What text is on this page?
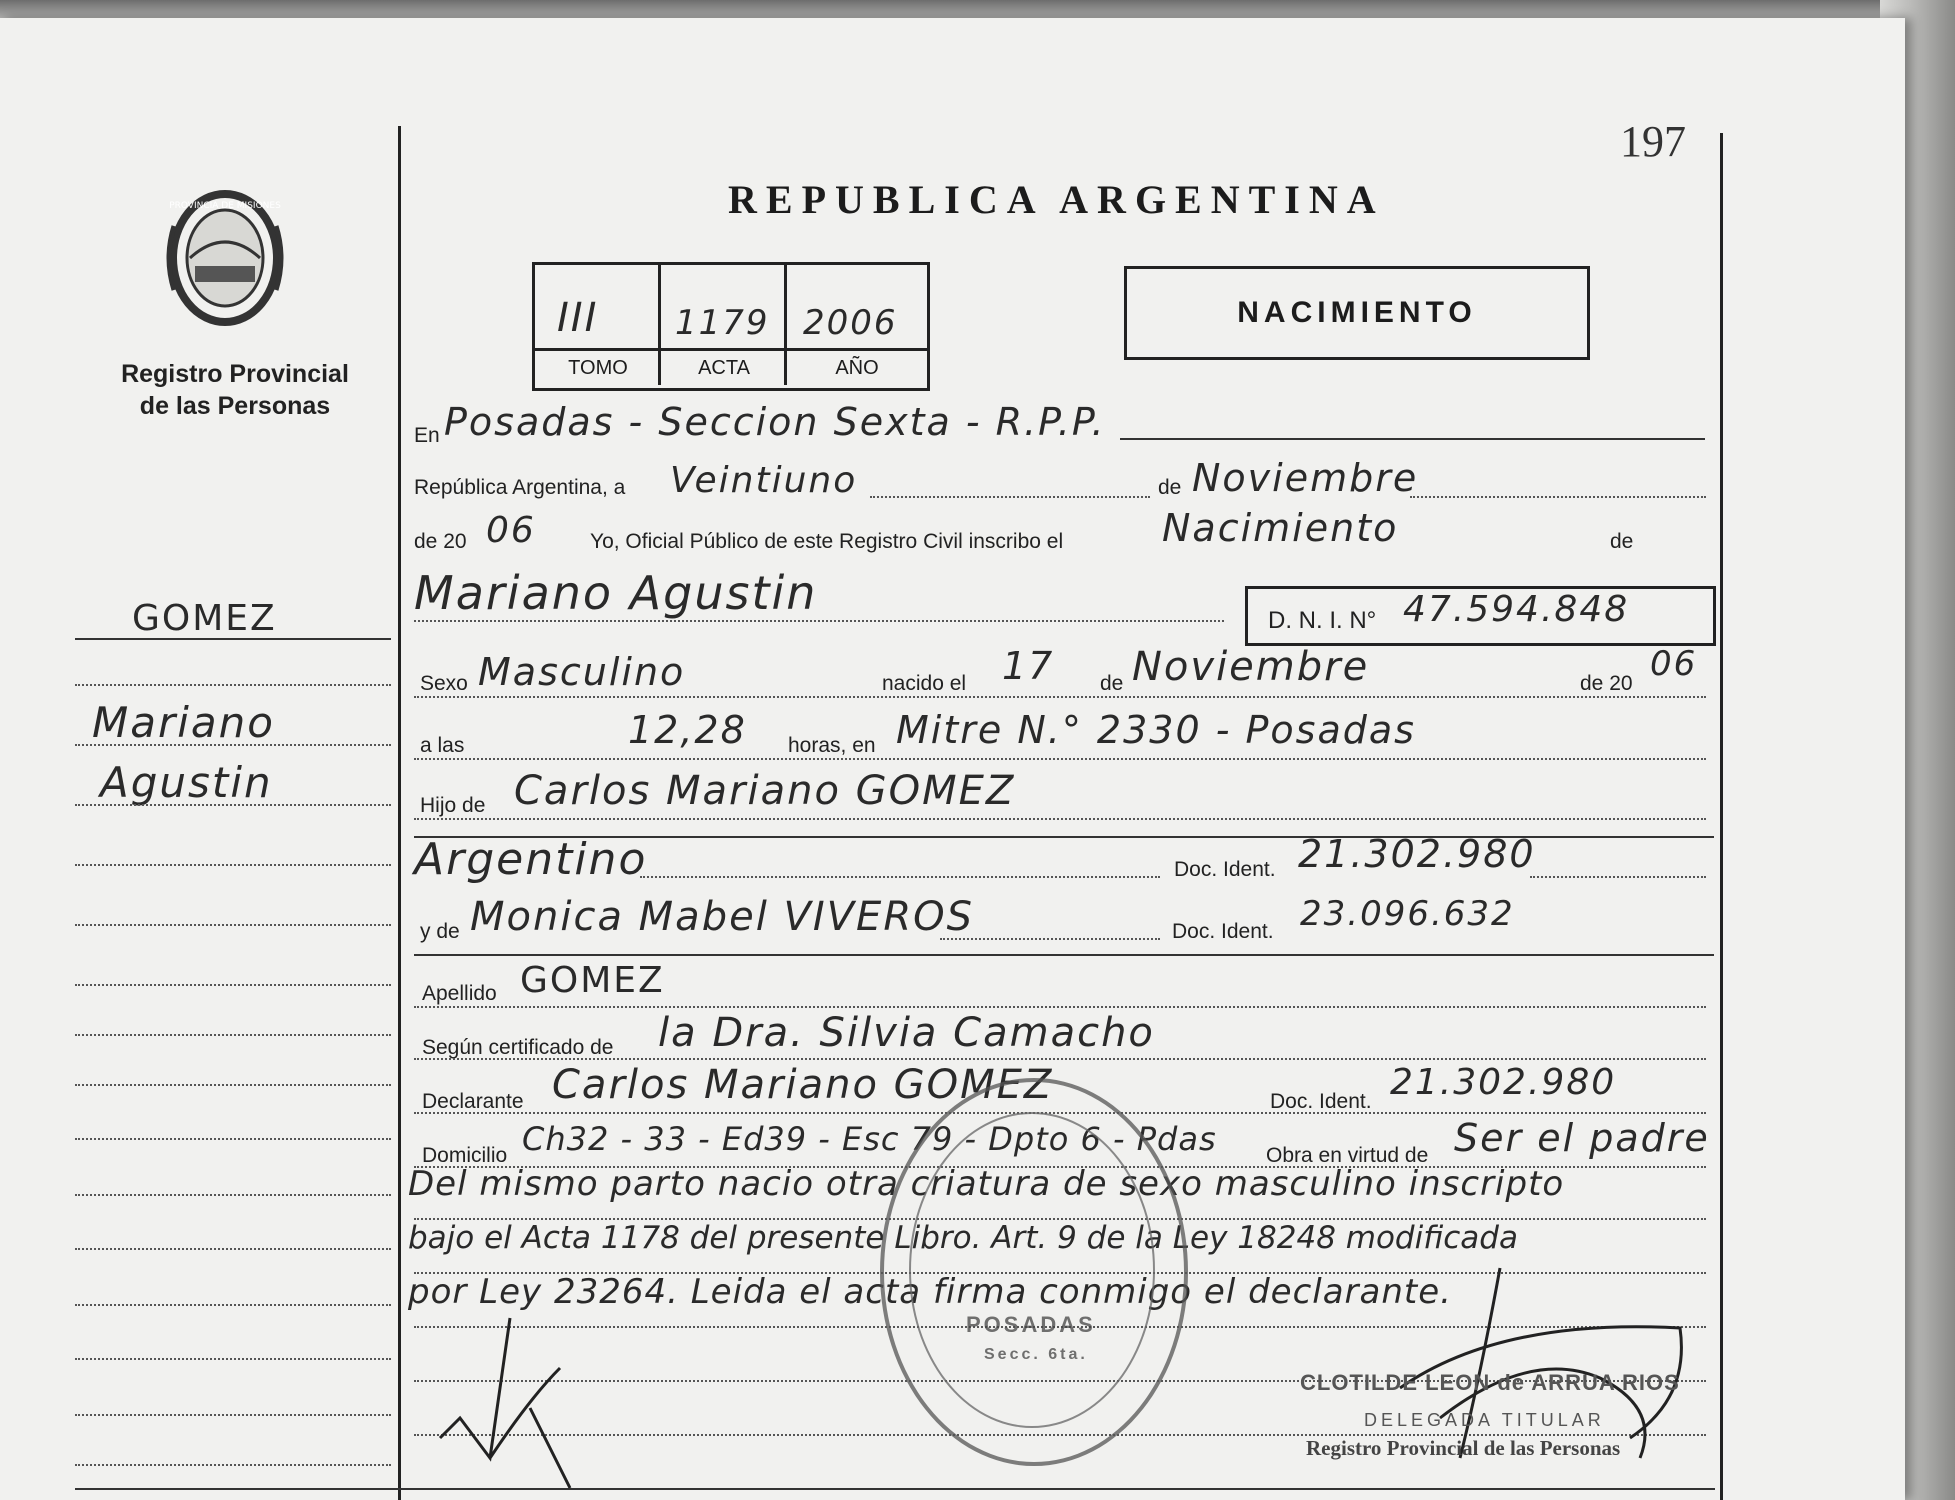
197
PROVINCIA DE MISIONES
Registro Provincial
de las Personas
REPUBLICA ARGENTINA
III 1179 2006
TOMO	ACTA	AÑO
NACIMIENTO
GOMEZ
Mariano
Agustin
En Posadas - Seccion Sexta - R.P.P.
República Argentina, a Veintiuno	de Noviembre
de 20 06	Yo, Oficial Público de este Registro Civil inscribo el	Nacimiento	de
Mariano Agustin
D. N. I. N° 47.594.848
Sexo Masculino	nacido el 17 de Noviembre	de 20 06
a las	12,28 horas, en Mitre N.° 2330 - Posadas
Hijo de Carlos Mariano GOMEZ
Argentino	Doc. Ident. 21.302.980
y de Monica Mabel VIVEROS	Doc. Ident. 23.096.632
Apellido GOMEZ
Según certificado de la Dra. Silvia Camacho
Declarante Carlos Mariano GOMEZ	Doc. Ident. 21.302.980
Domicilio Ch32 - 33 - Ed39 - Esc 79 - Dpto 6 - Pdas Obra en virtud de Ser el padre
Del mismo parto nacio otra criatura de sexo masculino inscripto
bajo el Acta 1178 del presente Libro. Art. 9 de la Ley 18248 modificada
por Ley 23264. Leida el acta firma conmigo el declarante.
POSADAS
Secc. 6ta.
CLOTILDE LEON de ARRUA RIOS
DELEGADA TITULAR
Registro Provincial de las Personas
